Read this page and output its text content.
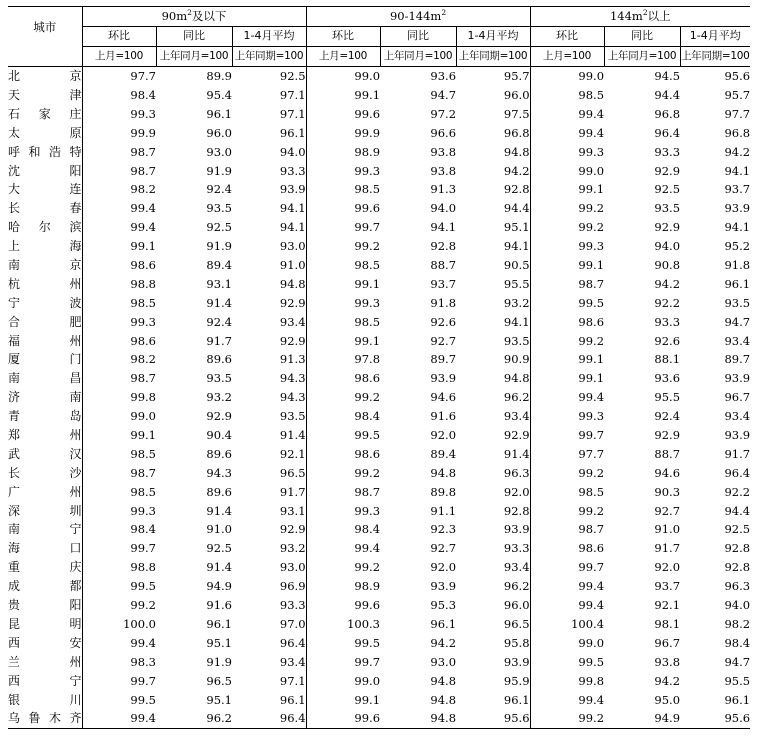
城市	$90m^2$及以下			$90-144m^2$			$144m^2$以上		
	环比	同比	1-4月平均	环比	同比	1-4月平均	环比	同比	1-4月平均
	上月=100	上年同月=100	上年同期=100	上月=100	上年同月=100	上年同期=100	上月=100	上年同月=100	上年同期=100
北京	97.7	89.9	92.5	99.0	93.6	95.7	99.0	94.5	95.6
天津	98.4	95.4	97.1	99.1	94.7	96.0	98.5	94.4	95.7
石家庄	99.3	96.1	97.1	99.6	97.2	97.5	99.4	96.8	97.7
太原	99.9	96.0	96.1	99.9	96.6	96.8	99.4	96.4	96.8
呼和浩特	98.7	93.0	94.0	98.9	93.8	94.8	99.3	93.3	94.2
沈阳	98.7	91.9	93.3	99.3	93.8	94.2	99.0	92.9	94.1
大连	98.2	92.4	93.9	98.5	91.3	92.8	99.1	92.5	93.7
长春	99.4	93.5	94.1	99.6	94.0	94.4	99.2	93.5	93.9
哈尔滨	99.4	92.5	94.1	99.7	94.1	95.1	99.2	92.9	94.1
上海	99.1	91.9	93.0	99.2	92.8	94.1	99.3	94.0	95.2
南京	98.6	89.4	91.0	98.5	88.7	90.5	99.1	90.8	91.8
杭州	98.8	93.1	94.8	99.1	93.7	95.5	98.7	94.2	96.1
宁波	98.5	91.4	92.9	99.3	91.8	93.2	99.5	92.2	93.5
合肥	99.3	92.4	93.4	98.5	92.6	94.1	98.6	93.3	94.7
福州	98.6	91.7	92.9	99.1	92.7	93.5	99.2	92.6	93.4
厦门	98.2	89.6	91.3	97.8	89.7	90.9	99.1	88.1	89.7
南昌	98.7	93.5	94.3	98.6	93.9	94.8	99.1	93.6	93.9
济南	99.8	93.2	94.3	99.2	94.6	96.2	99.4	95.5	96.7
青岛	99.0	92.9	93.5	98.4	91.6	93.4	99.3	92.4	93.4
郑州	99.1	90.4	91.4	99.5	92.0	92.9	99.7	92.9	93.9
武汉	98.5	89.6	92.1	98.6	89.4	91.4	97.7	88.7	91.7
长沙	98.7	94.3	96.5	99.2	94.8	96.3	99.2	94.6	96.4
广州	98.5	89.6	91.7	98.7	89.8	92.0	98.5	90.3	92.2
深圳	99.3	91.4	93.1	99.3	91.1	92.8	99.2	92.7	94.4
南宁	98.4	91.0	92.9	98.4	92.3	93.9	98.7	91.0	92.5
海口	99.7	92.5	93.2	99.4	92.7	93.3	98.6	91.7	92.8
重庆	98.8	91.4	93.0	99.2	92.0	93.4	99.7	92.0	92.8
成都	99.5	94.9	96.9	98.9	93.9	96.2	99.4	93.7	96.3
贵阳	99.2	91.6	93.3	99.6	95.3	96.0	99.4	92.1	94.0
昆明	100.0	96.1	97.0	100.3	96.1	96.5	100.4	98.1	98.2
西安	99.4	95.1	96.4	99.5	94.2	95.8	99.0	96.7	98.4
兰州	98.3	91.9	93.4	99.7	93.0	93.9	99.5	93.8	94.7
西宁	99.7	96.5	97.1	99.0	94.8	95.9	99.8	94.2	95.5
银川	99.5	95.1	96.1	99.1	94.8	96.1	99.4	95.0	96.1
乌鲁木齐	99.4	96.2	96.4	99.6	94.8	95.6	99.2	94.9	95.6
